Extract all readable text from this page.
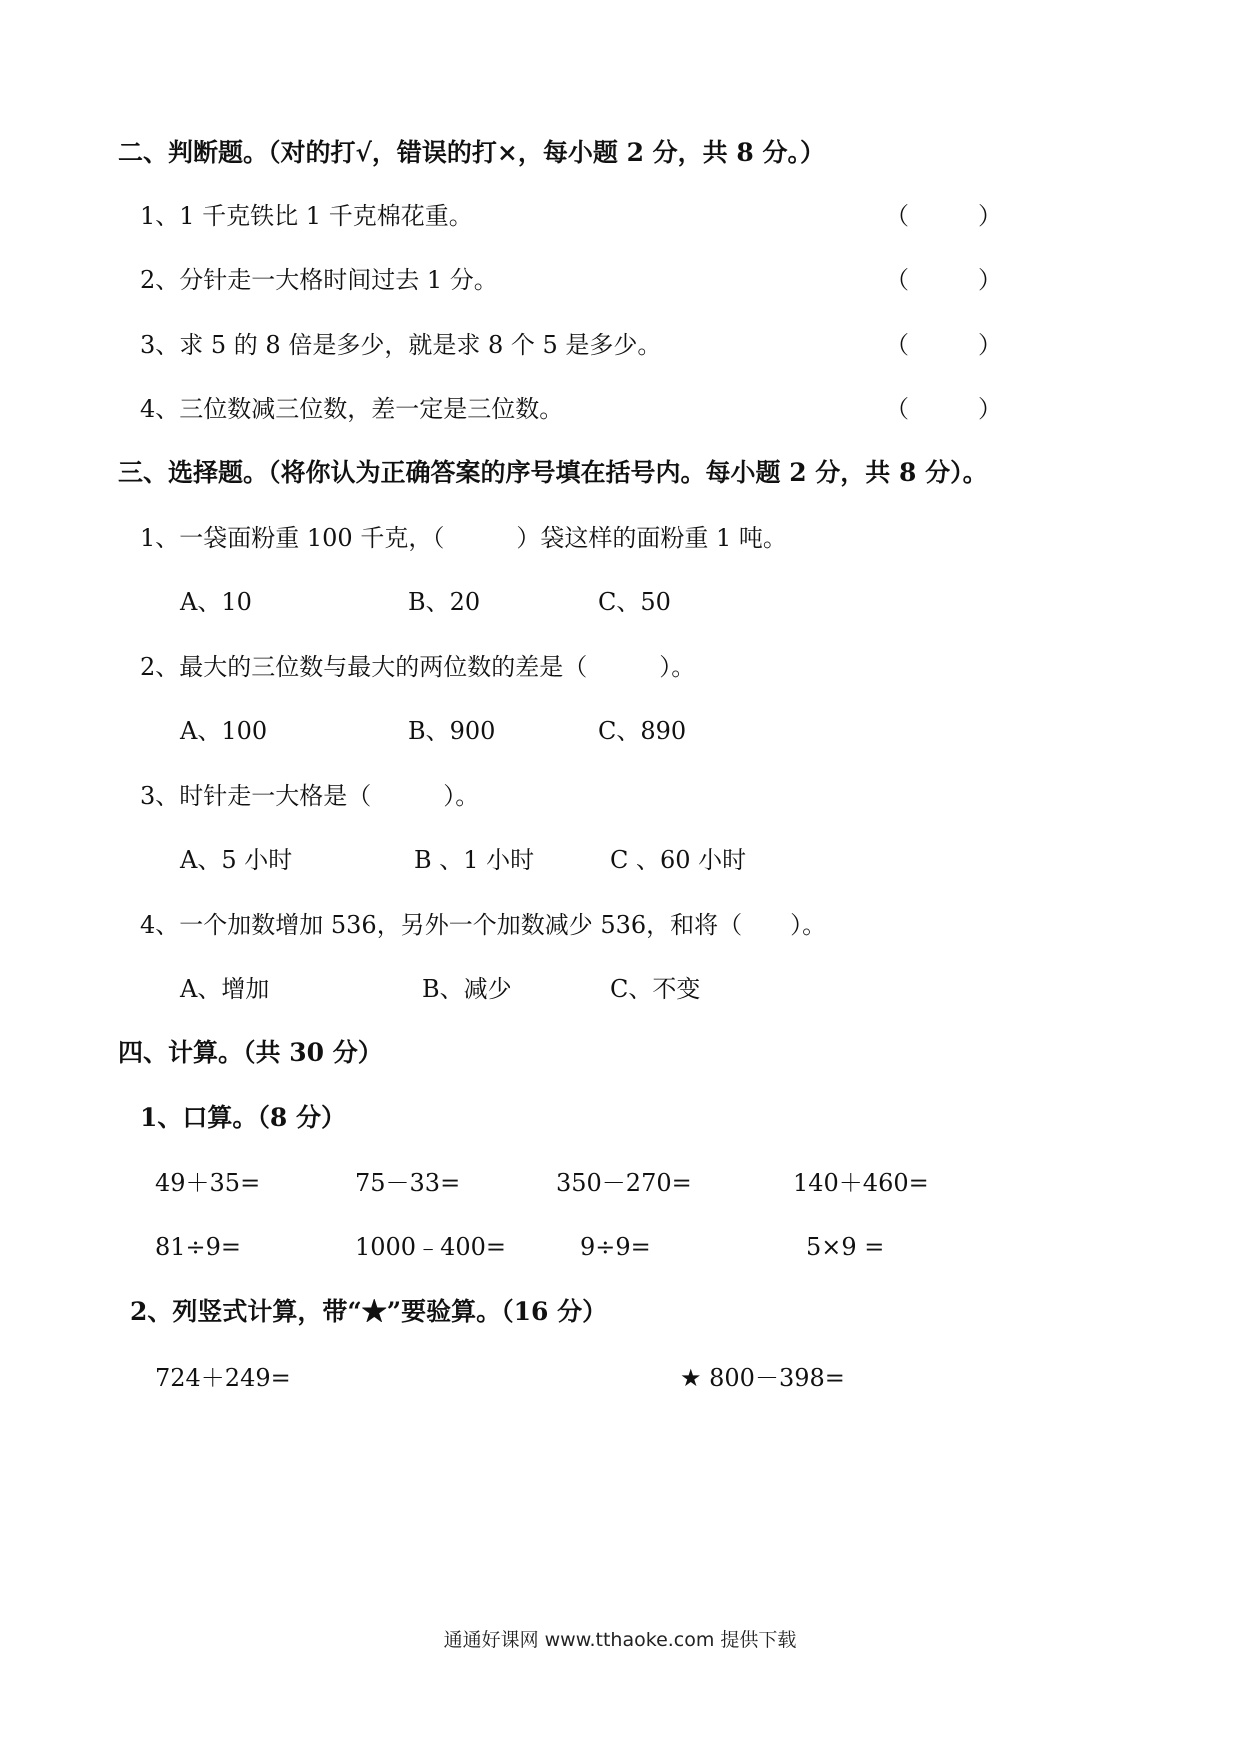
二、判断题。（对的打√，错误的打×，每小题 2 分，共 8 分。）
1、1 千克铁比 1 千克棉花重。	（	）
2、分针走一大格时间过去 1 分。	（	）
3、求 5 的 8 倍是多少，就是求 8 个 5 是多少。	（	）
4、三位数减三位数，差一定是三位数。	（	）
三、选择题。（将你认为正确答案的序号填在括号内。每小题 2 分，共 8 分）。
1、一袋面粉重 100 千克，（　　　）袋这样的面粉重 1 吨。
A、10	B、20	C、50
2、最大的三位数与最大的两位数的差是（　　　）。
A、100	B、900	C、890
3、时针走一大格是（　　　）。
A、5 小时	B 、1 小时	C 、60 小时
4、一个加数增加 536，另外一个加数减少 536，和将（　　）。
A、增加	B、减少	C、不变
四、计算。（共 30 分）
1、口算。（8 分）
49＋35=	75－33=	350－270=	140＋460=
81÷9=	1000﹣400=	9÷9=	5×9 =
2、列竖式计算，带“★”要验算。（16 分）
724＋249=	★ 800－398=
通通好课网 www.tthaoke.com 提供下载
